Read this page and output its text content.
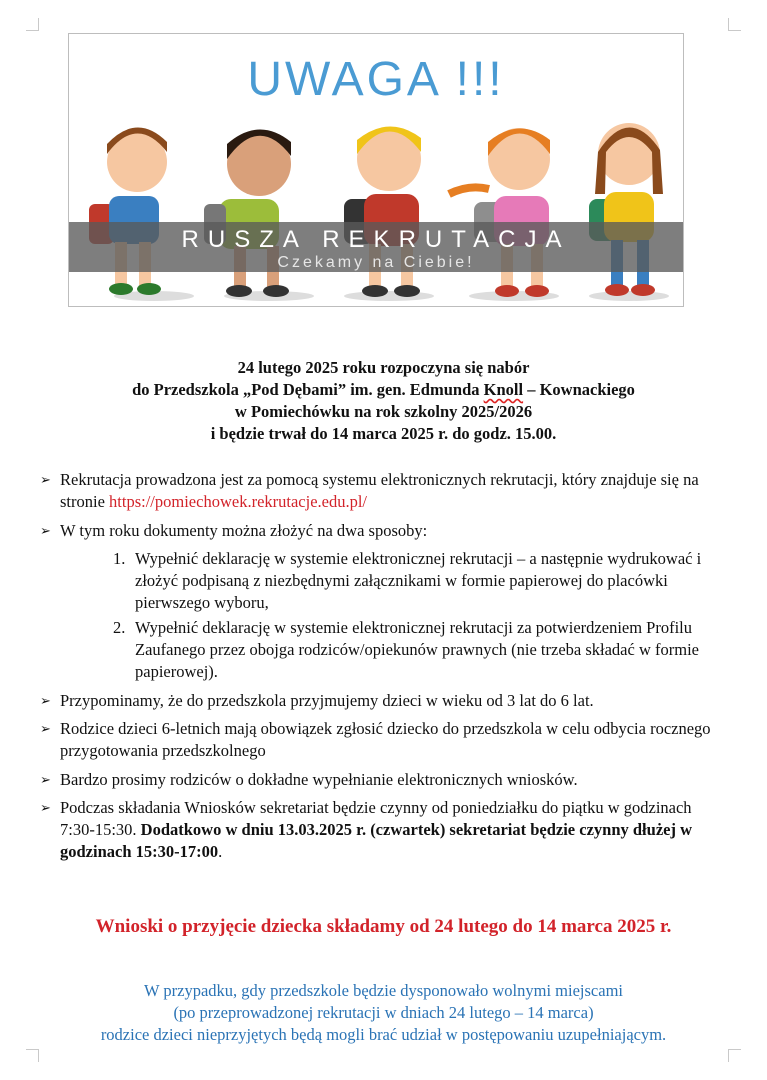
UWAGA !!!
RUSZA REKRUTACJA
Czekamy na Ciebie!
24 lutego 2025 roku rozpoczyna się nabór
do Przedszkola „Pod Dębami” im. gen. Edmunda Knoll – Kownackiego
w Pomiechówku na rok szkolny 2025/2026
i będzie trwał do 14 marca 2025 r. do godz. 15.00.
➢ Rekrutacja prowadzona jest za pomocą systemu elektronicznych rekrutacji, który znajduje się na stronie https://pomiechowek.rekrutacje.edu.pl/
➢ W tym roku dokumenty można złożyć na dwa sposoby:
1. Wypełnić deklarację w systemie elektronicznej rekrutacji – a następnie wydrukować i złożyć podpisaną z niezbędnymi załącznikami w formie papierowej do placówki pierwszego wyboru,
2. Wypełnić deklarację w systemie elektronicznej rekrutacji za potwierdzeniem Profilu Zaufanego przez obojga rodziców/opiekunów prawnych (nie trzeba składać w formie papierowej).
➢ Przypominamy, że do przedszkola przyjmujemy dzieci w wieku od 3 lat do 6 lat.
➢ Rodzice dzieci 6-letnich mają obowiązek zgłosić dziecko do przedszkola w celu odbycia rocznego przygotowania przedszkolnego
➢ Bardzo prosimy rodziców o dokładne wypełnianie elektronicznych wniosków.
➢ Podczas składania Wniosków sekretariat będzie czynny od poniedziałku do piątku w godzinach 7:30-15:30. Dodatkowo w dniu 13.03.2025 r. (czwartek) sekretariat będzie czynny dłużej w godzinach 15:30-17:00.
Wnioski o przyjęcie dziecka składamy od 24 lutego do 14 marca 2025 r.
W przypadku, gdy przedszkole będzie dysponowało wolnymi miejscami
(po przeprowadzonej rekrutacji w dniach 24 lutego – 14 marca)
rodzice dzieci nieprzyjętych będą mogli brać udział w postępowaniu uzupełniającym.
